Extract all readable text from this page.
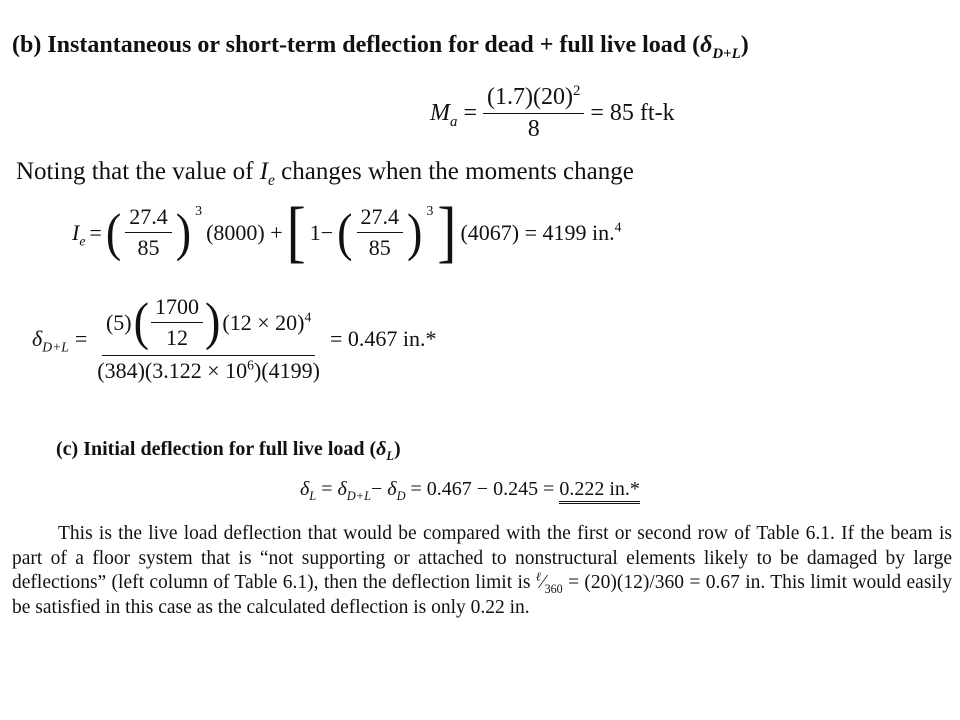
(b) Instantaneous or short-term deflection for dead + full live load $(\delta_{D+L})$
$M_a = \frac{(1.7)(20)^2}{8} = 85$ ft-k
Noting that the value of $I_e$ changes when the moments change
$I_e$ = ( $\frac{27.4}{85}$ ) 3
(8000) + [ 1− ( $\frac{27.4}{85}$ ) 3 ] (4067) = 4199 in.$^4$
$\delta_{D+L}$ =
(5) ( $\frac{1700}{12}$ ) $(12 \times 20)^4$
$(384)(3.122 \times 10^6)(4199)$
= 0.467 in.*
(c) Initial deflection for full live load $(\delta_L)$
$\delta_L = \delta_{D+L}- \delta_D = 0.467 - 0.245 = 0.222$ in.*

This is the live load deflection that would be compared with the first or second row of Table 6.1. If the beam is part of a floor system that is “not supporting or attached to nonstructural elements likely to be damaged by large deflections” (left column of Table 6.1), then the deflection limit is $^\ell⁄_{360} = (20)(12)/360 = 0.67$ in. This limit would easily be satisfied in this case as the calculated deflection is only 0.22 in.
